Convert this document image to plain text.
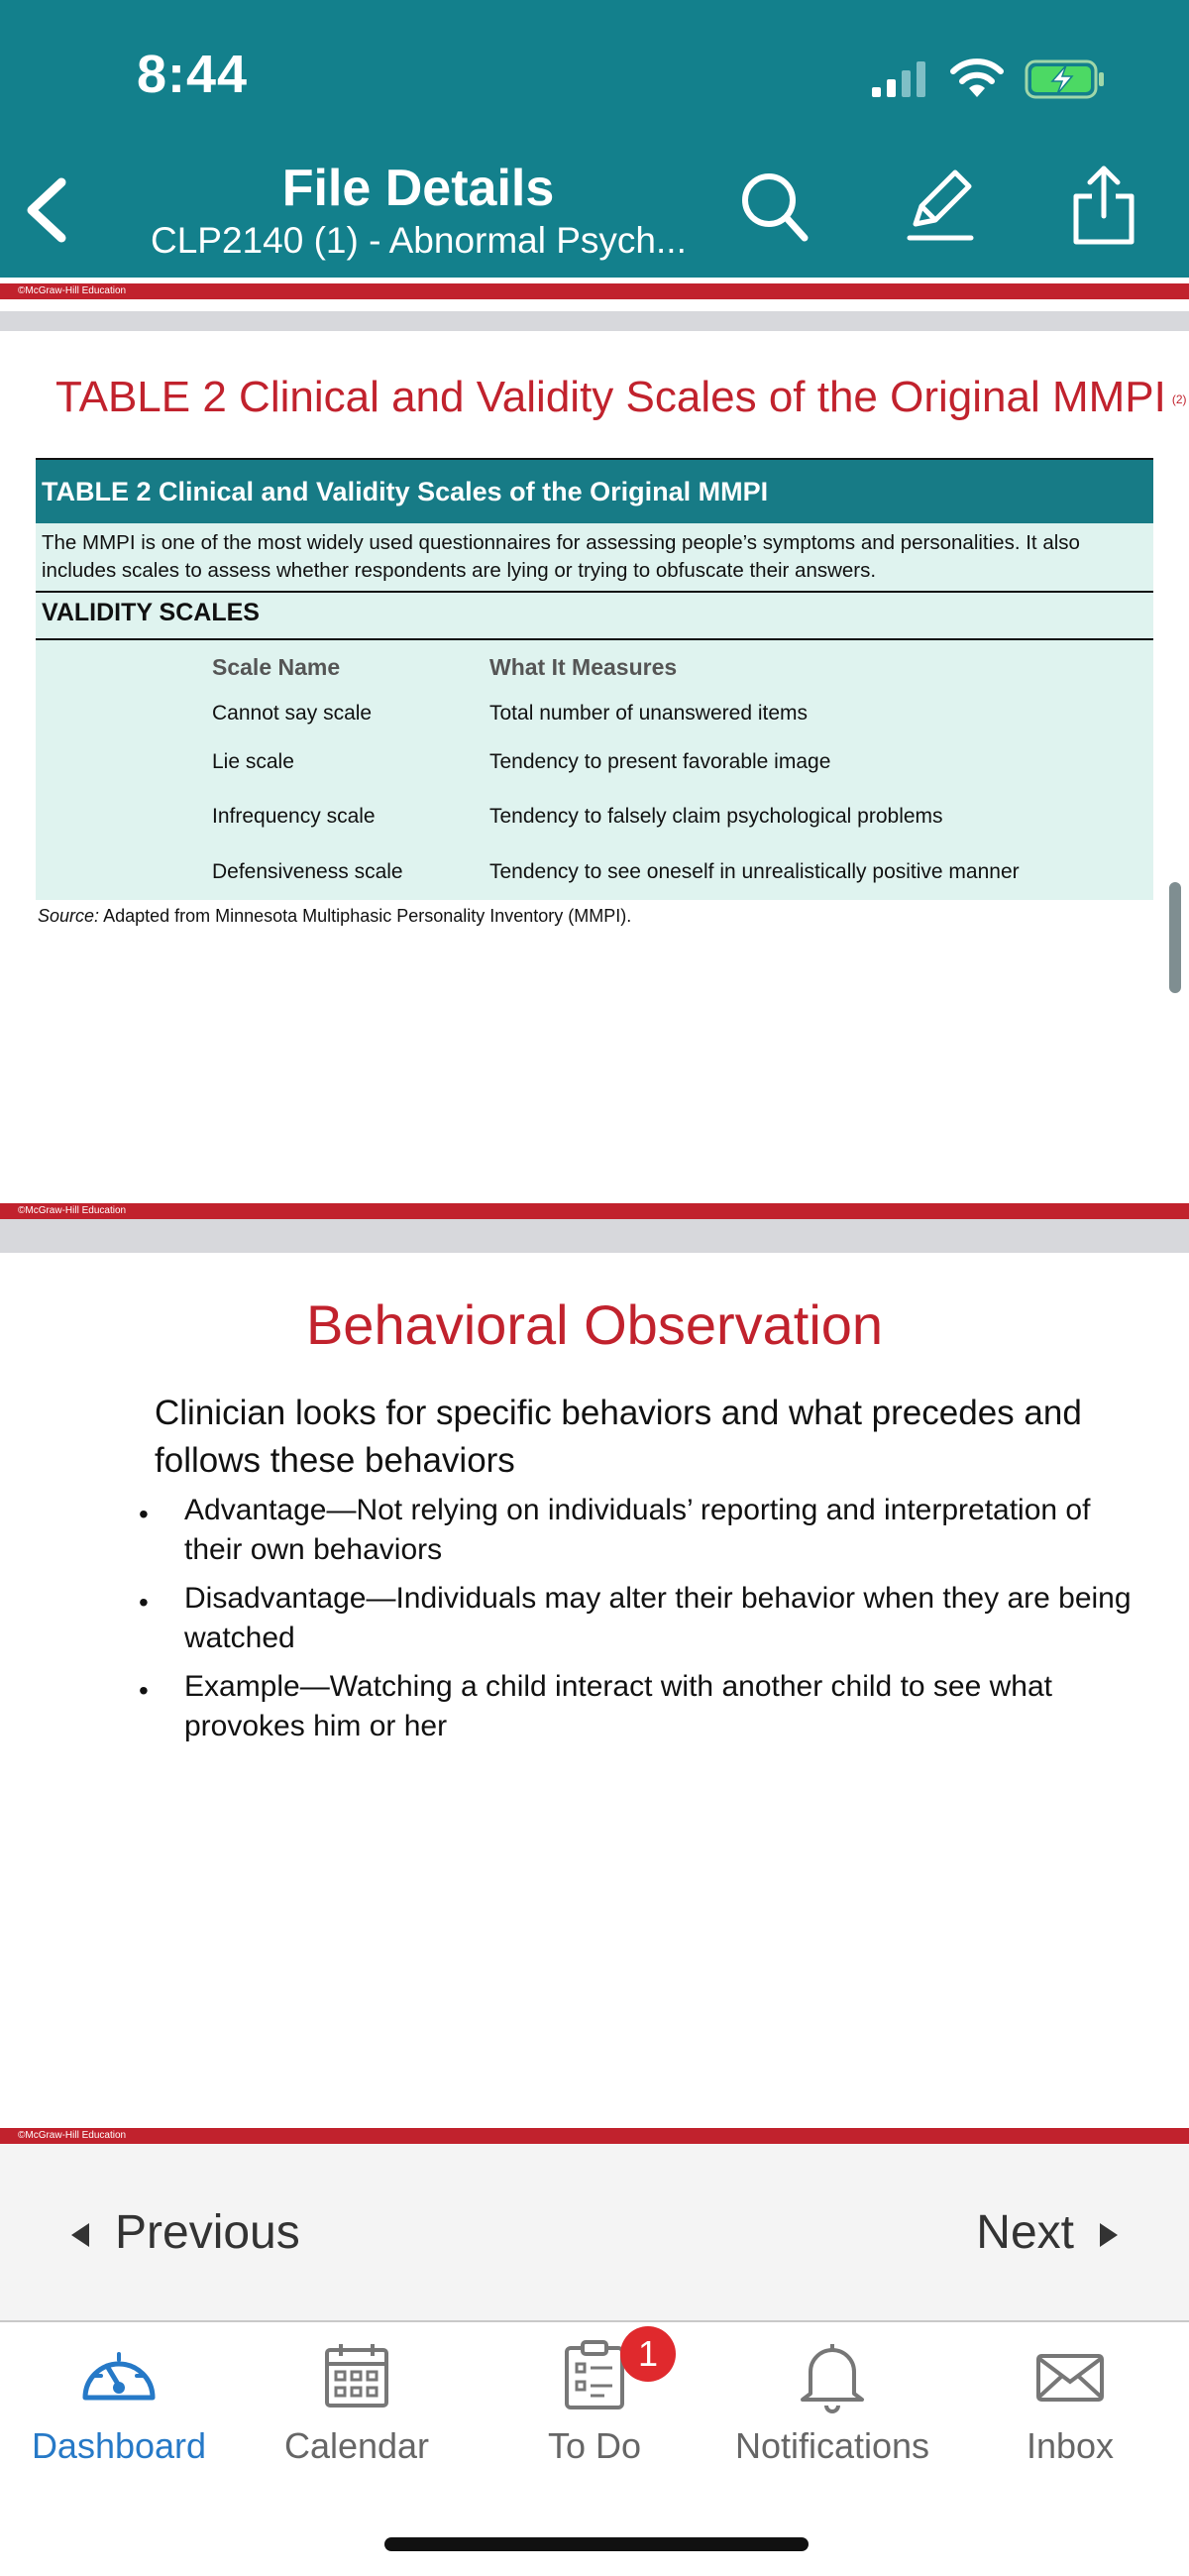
8:44
File Details
CLP2140 (1) - Abnormal Psych...
©McGraw-Hill Education
TABLE 2 Clinical and Validity Scales of the Original MMPI (2)
TABLE 2 Clinical and Validity Scales of the Original MMPI
The MMPI is one of the most widely used questionnaires for assessing people’s symptoms and personalities. It also includes scales to assess whether respondents are lying or trying to obfuscate their answers.
VALIDITY SCALES
Scale Name	What It Measures
Cannot say scale	Total number of unanswered items
Lie scale	Tendency to present favorable image
Infrequency scale	Tendency to falsely claim psychological problems
Defensiveness scale	Tendency to see oneself in unrealistically positive manner
Source: Adapted from Minnesota Multiphasic Personality Inventory (MMPI).
©McGraw-Hill Education
Behavioral Observation
Clinician looks for specific behaviors and what precedes and follows these behaviors
•	Advantage—Not relying on individuals’ reporting and interpretation of their own behaviors
•	Disadvantage—Individuals may alter their behavior when they are being watched
•	Example—Watching a child interact with another child to see what provokes him or her
©McGraw-Hill Education
Previous	Next
Dashboard	Calendar	To Do	Notifications	Inbox
1
